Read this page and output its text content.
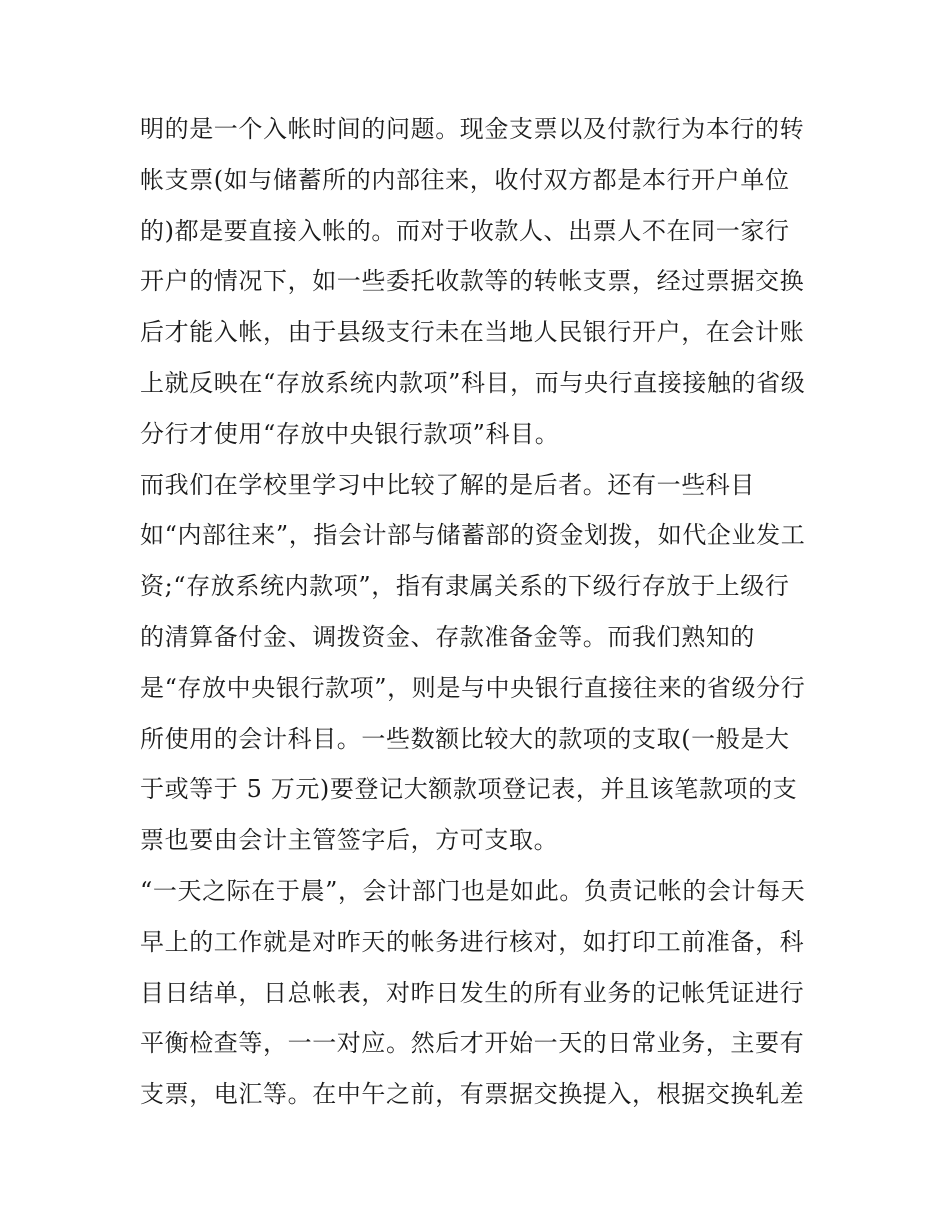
明的是一个入帐时间的问题。现金支票以及付款行为本行的转
帐支票(如与储蓄所的内部往来，收付双方都是本行开户单位
的)都是要直接入帐的。而对于收款人、出票人不在同一家行
开户的情况下，如一些委托收款等的转帐支票，经过票据交换
后才能入帐，由于县级支行未在当地人民银行开户，在会计账
上就反映在“存放系统内款项”科目，而与央行直接接触的省级
分行才使用“存放中央银行款项”科目。
而我们在学校里学习中比较了解的是后者。还有一些科目
如“内部往来”，指会计部与储蓄部的资金划拨，如代企业发工
资;“存放系统内款项”，指有隶属关系的下级行存放于上级行
的清算备付金、调拨资金、存款准备金等。而我们熟知的
是“存放中央银行款项”，则是与中央银行直接往来的省级分行
所使用的会计科目。一些数额比较大的款项的支取(一般是大
于或等于 5 万元)要登记大额款项登记表，并且该笔款项的支
票也要由会计主管签字后，方可支取。
“一天之际在于晨”，会计部门也是如此。负责记帐的会计每天
早上的工作就是对昨天的帐务进行核对，如打印工前准备，科
目日结单，日总帐表，对昨日发生的所有业务的记帐凭证进行
平衡检查等，一一对应。然后才开始一天的日常业务，主要有
支票，电汇等。在中午之前，有票据交换提入，根据交换轧差
